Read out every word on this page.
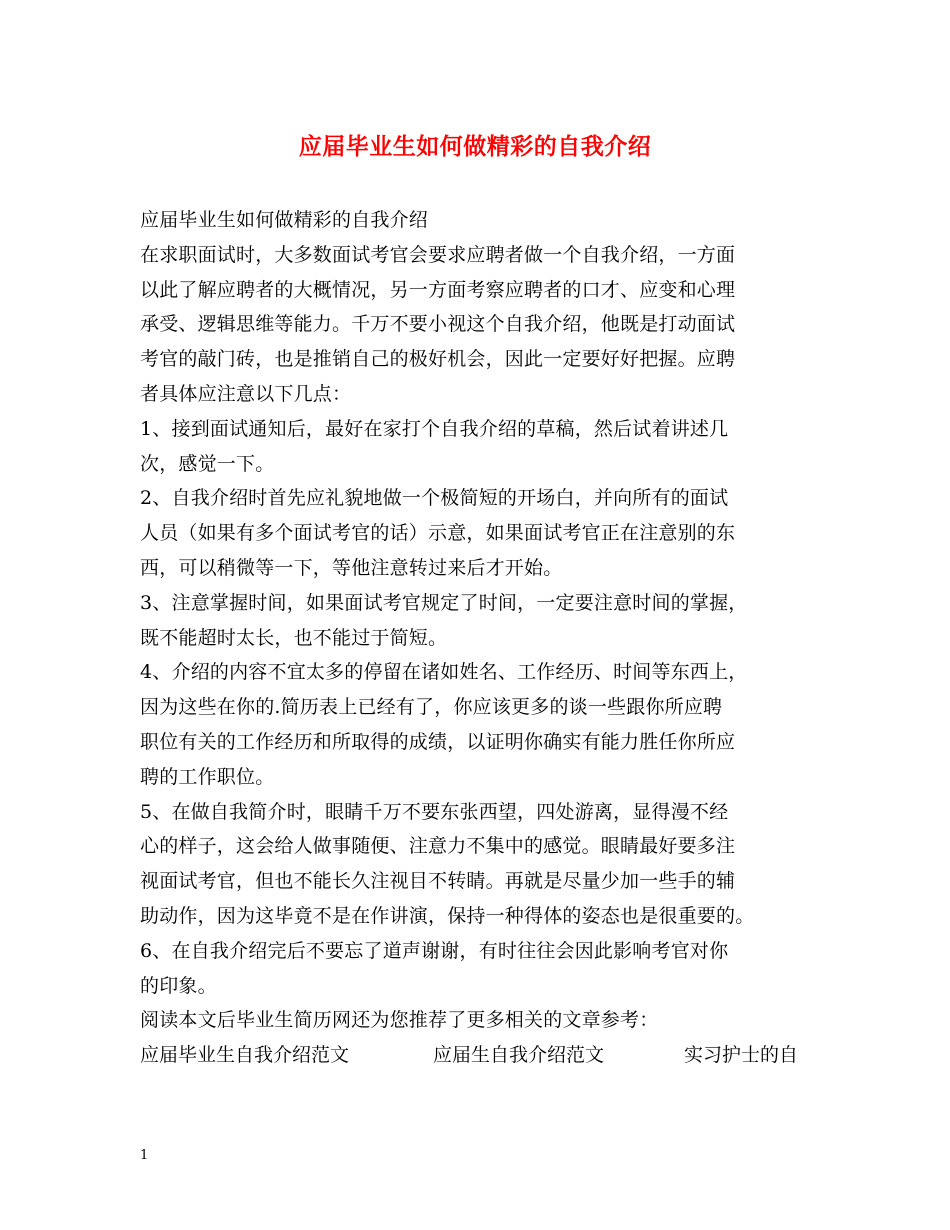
应届毕业生如何做精彩的自我介绍
应届毕业生如何做精彩的自我介绍
在求职面试时，大多数面试考官会要求应聘者做一个自我介绍，一方面
以此了解应聘者的大概情况，另一方面考察应聘者的口才、应变和心理
承受、逻辑思维等能力。千万不要小视这个自我介绍，他既是打动面试
考官的敲门砖，也是推销自己的极好机会，因此一定要好好把握。应聘
者具体应注意以下几点：
1、接到面试通知后，最好在家打个自我介绍的草稿，然后试着讲述几
次，感觉一下。
2、自我介绍时首先应礼貌地做一个极简短的开场白，并向所有的面试
人员（如果有多个面试考官的话）示意，如果面试考官正在注意别的东
西，可以稍微等一下，等他注意转过来后才开始。
3、注意掌握时间，如果面试考官规定了时间，一定要注意时间的掌握，
既不能超时太长，也不能过于简短。
4、介绍的内容不宜太多的停留在诸如姓名、工作经历、时间等东西上，
因为这些在你的.简历表上已经有了，你应该更多的谈一些跟你所应聘
职位有关的工作经历和所取得的成绩，以证明你确实有能力胜任你所应
聘的工作职位。
5、在做自我简介时，眼睛千万不要东张西望，四处游离，显得漫不经
心的样子，这会给人做事随便、注意力不集中的感觉。眼睛最好要多注
视面试考官，但也不能长久注视目不转睛。再就是尽量少加一些手的辅
助动作，因为这毕竟不是在作讲演，保持一种得体的姿态也是很重要的。
6、在自我介绍完后不要忘了道声谢谢，有时往往会因此影响考官对你
的印象。
阅读本文后毕业生简历网还为您推荐了更多相关的文章参考：
应届毕业生自我介绍范文	应届生自我介绍范文	实习护士的自
1
